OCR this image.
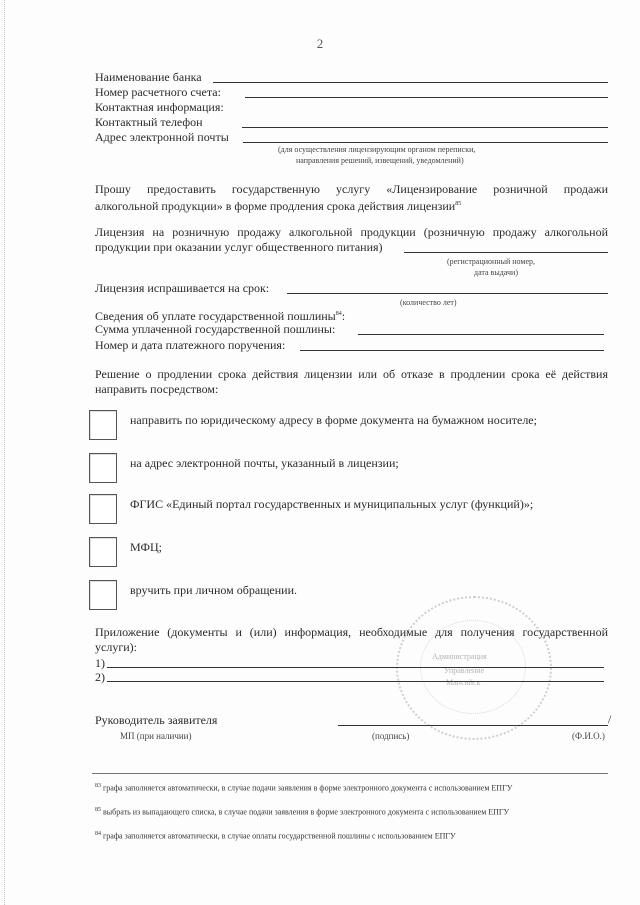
2
Наименование банка
Номер расчетного счета:
Контактная информация:
Контактный телефон
Адрес электронной почты
(для осуществления лицензирующим органом переписки,
направления решений, извещений, уведомлений)
Прошу предоставить государственную услугу «Лицензирование розничной продажи
алкогольной продукции» в форме продления срока действия лицензии$^{85}$
Лицензия на розничную продажу алкогольной продукции (розничную продажу алкогольной
продукции при оказании услуг общественного питания)
(регистрационный номер,
дата выдачи)
Лицензия испрашивается на срок:
(количество лет)
Сведения об уплате государственной пошлины$^{84}$:
Сумма уплаченной государственной пошлины:
Номер и дата платежного поручения:
Решение о продлении срока действия лицензии или об отказе в продлении срока её действия
направить посредством:
направить по юридическому адресу в форме документа на бумажном носителе;
на адрес электронной почты, указанный в лицензии;
ФГИС «Единый портал государственных и муниципальных услуг (функций)»;
МФЦ;
вручить при личном обращении.
Администрация
Управление
Мансийск
Приложение (документы и (или) информация, необходимые для получения государственной
услуги):
1)
2)
Руководитель заявителя	/
МП (при наличии)	(подпись)	(Ф.И.О.)
$^{83}$ графа заполняется автоматически, в случае подачи заявления в форме электронного документа с использованием ЕПГУ
$^{85}$ выбрать из выпадающего списка, в случае подачи заявления в форме электронного документа с использованием ЕПГУ
$^{84}$ графа заполняется автоматически, в случае оплаты государственной пошлины с использованием ЕПГУ
